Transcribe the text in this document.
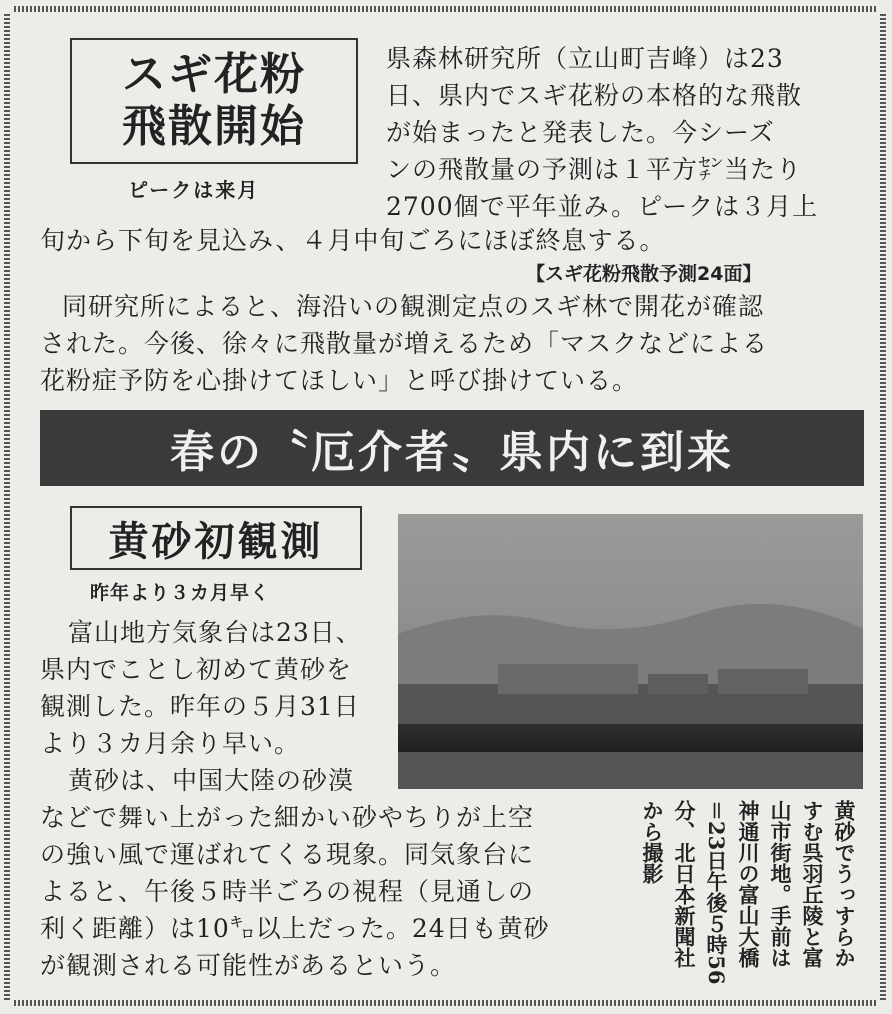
スギ花粉
飛散開始
ピークは来月
県森林研究所（立山町吉峰）は23
日、県内でスギ花粉の本格的な飛散
が始まったと発表した。今シーズ
ンの飛散量の予測は１平方㌢当たり
2700個で平年並み。ピークは３月上
旬から下旬を見込み、４月中旬ごろにほぼ終息する。
【スギ花粉飛散予測24面】
同研究所によると、海沿いの観測定点のスギ林で開花が確認
された。今後、徐々に飛散量が増えるため「マスクなどによる
花粉症予防を心掛けてほしい」と呼び掛けている。
春の〝厄介者〟県内に到来
黄砂初観測
昨年より３カ月早く
富山地方気象台は23日、
県内でことし初めて黄砂を
観測した。昨年の５月31日
より３カ月余り早い。
黄砂は、中国大陸の砂漠
などで舞い上がった細かい砂やちりが上空
の強い風で運ばれてくる現象。同気象台に
よると、午後５時半ごろの視程（見通しの
利く距離）は10㌔以上だった。24日も黄砂
が観測される可能性があるという。	黄砂でうっすらか
すむ呉羽丘陵と富
山市街地。手前は
神通川の富山大橋
＝23日午後５時56
分、北日本新聞社
から撮影
